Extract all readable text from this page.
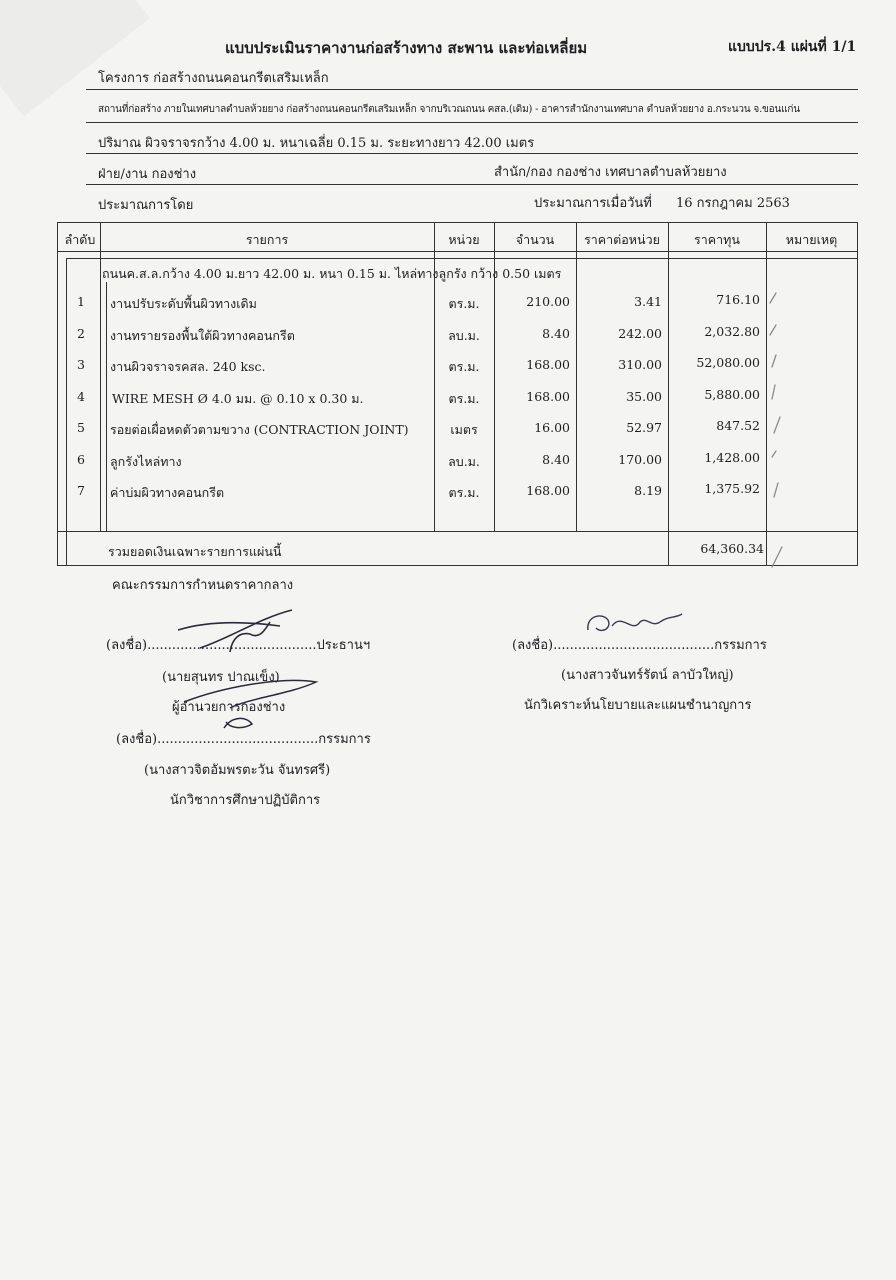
แบบประเมินราคางานก่อสร้างทาง สะพาน และท่อเหลี่ยม	แบบปร.4 แผ่นที่ 1/1
โครงการ ก่อสร้างถนนคอนกรีตเสริมเหล็ก
สถานที่ก่อสร้าง ภายในเทศบาลตำบลห้วยยาง ก่อสร้างถนนคอนกรีตเสริมเหล็ก จากบริเวณถนน คสล.(เดิม) - อาคารสำนักงานเทศบาล ตำบลห้วยยาง อ.กระนวน จ.ขอนแก่น
ปริมาณ ผิวจราจรกว้าง 4.00 ม. หนาเฉลี่ย 0.15 ม. ระยะทางยาว 42.00 เมตร
ฝ่าย/งาน กองช่าง	สำนัก/กอง กองช่าง เทศบาลตำบลห้วยยาง
ประมาณการโดย	ประมาณการเมื่อวันที่ 16 กรกฎาคม 2563
ลำดับ	รายการ	หน่วย	จำนวน	ราคาต่อหน่วย	ราคาทุน	หมายเหตุ
ถนนค.ส.ล.กว้าง 4.00 ม.ยาว 42.00 ม. หนา 0.15 ม. ไหล่ทางลูกรัง กว้าง 0.50 เมตร
1	งานปรับระดับพื้นผิวทางเดิม	ตร.ม.	210.00	3.41	716.10
2	งานทรายรองพื้นใต้ผิวทางคอนกรีต	ลบ.ม.	8.40	242.00	2,032.80
3	งานผิวจราจรคสล. 240 ksc.	ตร.ม.	168.00	310.00	52,080.00
4	WIRE MESH Ø 4.0 มม. @ 0.10 x 0.30 ม.	ตร.ม.	168.00	35.00	5,880.00
5	รอยต่อเผื่อหดตัวตามขวาง (CONTRACTION JOINT)	เมตร	16.00	52.97	847.52
6	ลูกรังไหล่ทาง	ลบ.ม.	8.40	170.00	1,428.00
7	ค่าบ่มผิวทางคอนกรีต	ตร.ม.	168.00	8.19	1,375.92
รวมยอดเงินเฉพาะรายการแผ่นนี้	64,360.34
คณะกรรมการกำหนดราคากลาง
(ลงชื่อ).........................................ประธานฯ
(นายสุนทร ปาณเข็ง)
ผู้อำนวยการกองช่าง
(ลงชื่อ).......................................กรรมการ
(นางสาวจิตอัมพรตะวัน จันทรศรี)
นักวิชาการศึกษาปฏิบัติการ
(ลงชื่อ).......................................กรรมการ
(นางสาวจันทร์รัตน์ ลาบัวใหญ่)
นักวิเคราะห์นโยบายและแผนชำนาญการ
